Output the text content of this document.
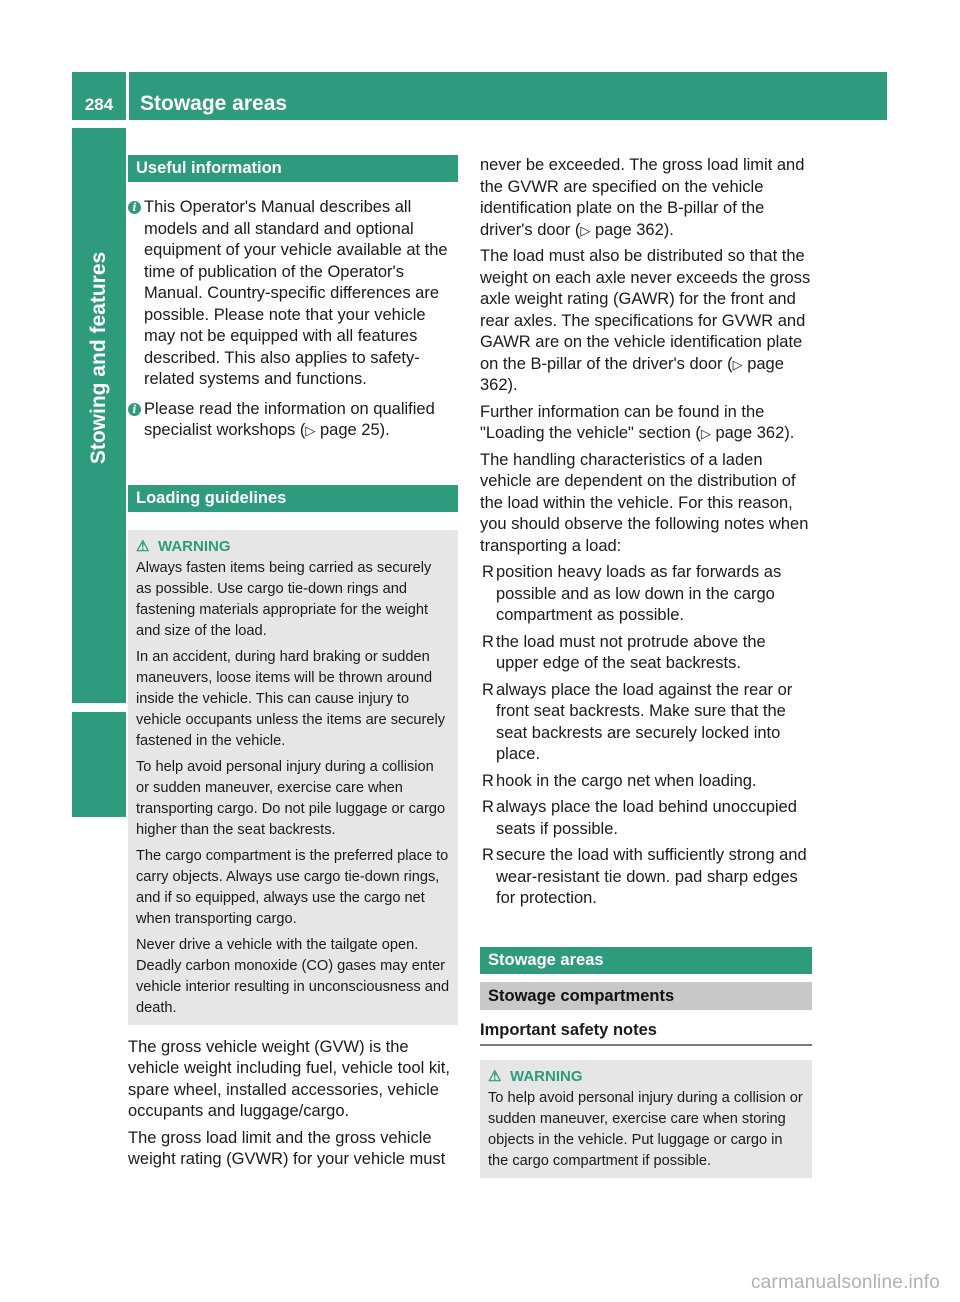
284	Stowage areas
Stowing and features
Useful information
i This Operator's Manual describes all models and all standard and optional equipment of your vehicle available at the time of publication of the Operator's Manual. Country-specific differences are possible. Please note that your vehicle may not be equipped with all features described. This also applies to safety-related systems and functions.
i Please read the information on qualified specialist workshops (▷ page 25).
Loading guidelines
⚠ WARNING

Always fasten items being carried as securely as possible. Use cargo tie-down rings and fastening materials appropriate for the weight and size of the load.

In an accident, during hard braking or sudden maneuvers, loose items will be thrown around inside the vehicle. This can cause injury to vehicle occupants unless the items are securely fastened in the vehicle.

To help avoid personal injury during a collision or sudden maneuver, exercise care when transporting cargo. Do not pile luggage or cargo higher than the seat backrests.

The cargo compartment is the preferred place to carry objects. Always use cargo tie-down rings, and if so equipped, always use the cargo net when transporting cargo.

Never drive a vehicle with the tailgate open. Deadly carbon monoxide (CO) gases may enter vehicle interior resulting in unconsciousness and death.

The gross vehicle weight (GVW) is the vehicle weight including fuel, vehicle tool kit, spare wheel, installed accessories, vehicle occupants and luggage/cargo.

The gross load limit and the gross vehicle weight rating (GVWR) for your vehicle must

never be exceeded. The gross load limit and the GVWR are specified on the vehicle identification plate on the B-pillar of the driver's door (▷ page 362).

The load must also be distributed so that the weight on each axle never exceeds the gross axle weight rating (GAWR) for the front and rear axles. The specifications for GVWR and GAWR are on the vehicle identification plate on the B-pillar of the driver's door (▷ page 362).

Further information can be found in the "Loading the vehicle" section (▷ page 362).

The handling characteristics of a laden vehicle are dependent on the distribution of the load within the vehicle. For this reason, you should observe the following notes when transporting a load:

R position heavy loads as far forwards as possible and as low down in the cargo compartment as possible.
R the load must not protrude above the upper edge of the seat backrests.
R always place the load against the rear or front seat backrests. Make sure that the seat backrests are securely locked into place.
R hook in the cargo net when loading.
R always place the load behind unoccupied seats if possible.
R secure the load with sufficiently strong and wear-resistant tie down. pad sharp edges for protection.
Stowage areas
Stowage compartments
Important safety notes
⚠ WARNING

To help avoid personal injury during a collision or sudden maneuver, exercise care when storing objects in the vehicle. Put luggage or cargo in the cargo compartment if possible.

carmanualsonline.info
